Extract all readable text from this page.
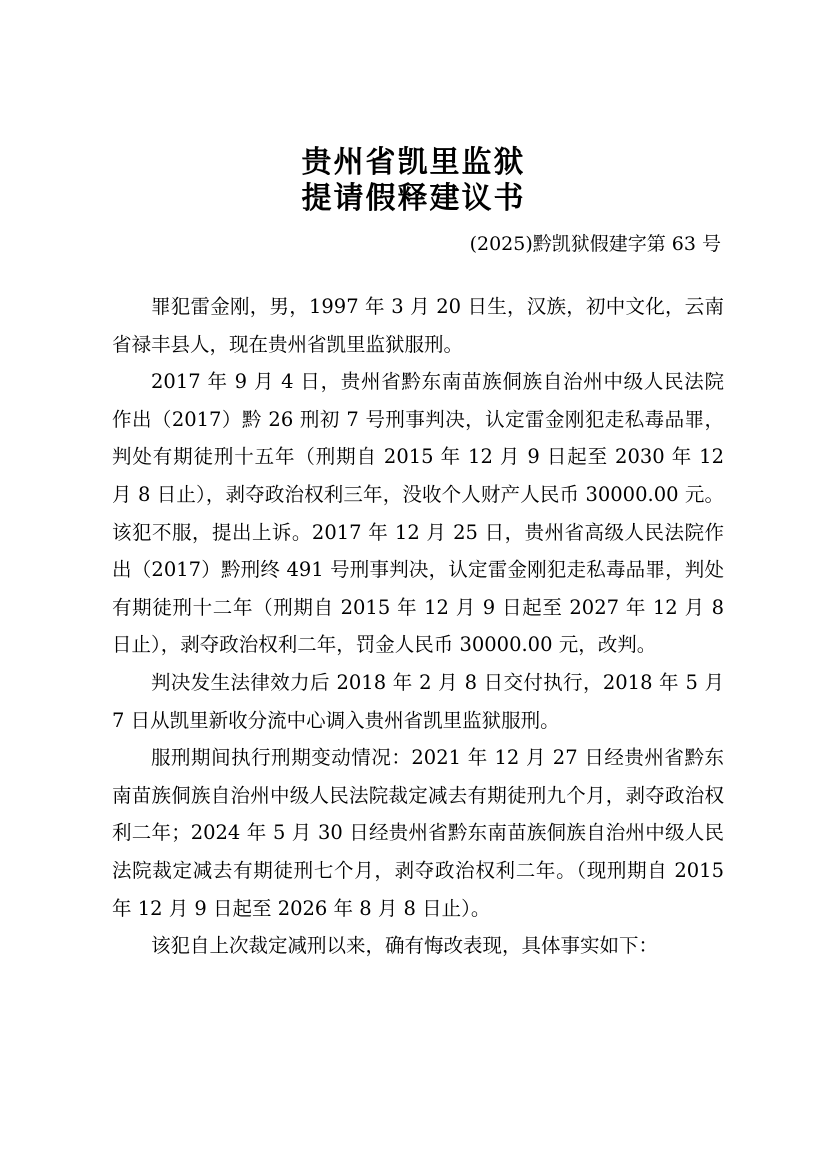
贵州省凯里监狱

提请假释建议书

(2025)黔凯狱假建字第 63 号

罪犯雷金刚，男，1997 年 3 月 20 日生，汉族，初中文化，云南省禄丰县人，现在贵州省凯里监狱服刑。

2017 年 9 月 4 日，贵州省黔东南苗族侗族自治州中级人民法院作出（2017）黔 26 刑初 7 号刑事判决，认定雷金刚犯走私毒品罪，判处有期徒刑十五年（刑期自 2015 年 12 月 9 日起至 2030 年 12 月 8 日止），剥夺政治权利三年，没收个人财产人民币 30000.00 元。该犯不服，提出上诉。2017 年 12 月 25 日，贵州省高级人民法院作出（2017）黔刑终 491 号刑事判决，认定雷金刚犯走私毒品罪，判处有期徒刑十二年（刑期自 2015 年 12 月 9 日起至 2027 年 12 月 8 日止），剥夺政治权利二年，罚金人民币 30000.00 元，改判。

判决发生法律效力后 2018 年 2 月 8 日交付执行，2018 年 5 月 7 日从凯里新收分流中心调入贵州省凯里监狱服刑。

服刑期间执行刑期变动情况：2021 年 12 月 27 日经贵州省黔东南苗族侗族自治州中级人民法院裁定减去有期徒刑九个月，剥夺政治权利二年；2024 年 5 月 30 日经贵州省黔东南苗族侗族自治州中级人民法院裁定减去有期徒刑七个月，剥夺政治权利二年。（现刑期自 2015 年 12 月 9 日起至 2026 年 8 月 8 日止）。

该犯自上次裁定减刑以来，确有悔改表现，具体事实如下：
